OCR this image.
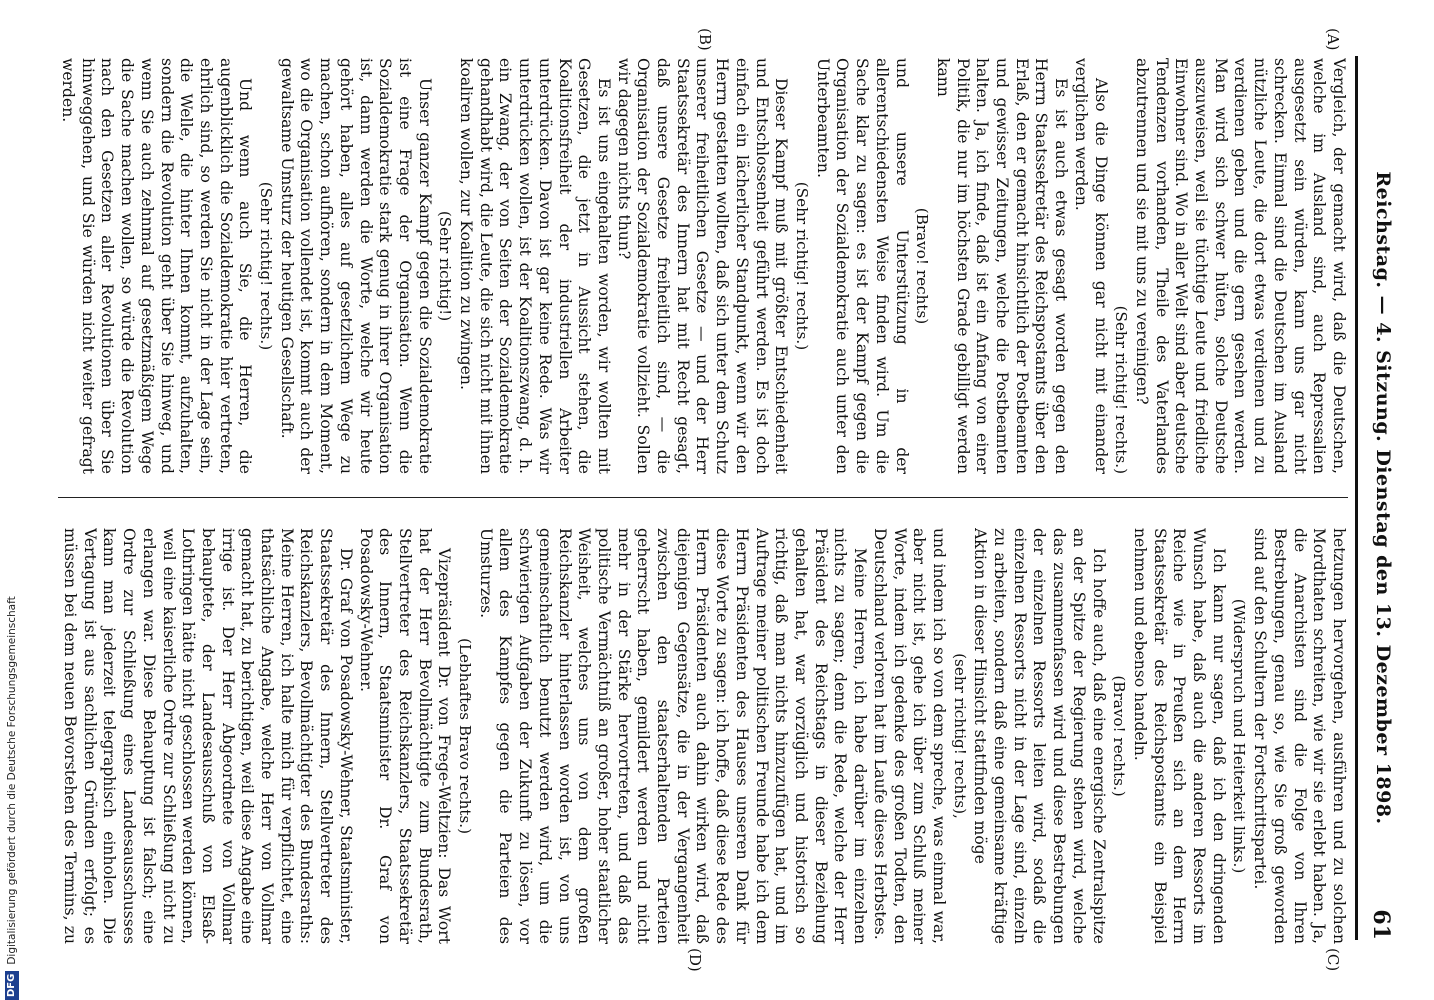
Reichstag. — 4. Sitzung. Dienstag den 13. Dezember 1898.
61
(A)
(B)
(C)
(D)

Vergleich, der gemacht wird, daß die Deutschen, welche im Ausland sind, auch Repressalien ausgesetzt sein würden, kann uns gar nicht schrecken. Einmal sind die Deutschen im Ausland nützliche Leute, die dort etwas verdienen und zu verdienen geben und die gern gesehen werden. Man wird sich schwer hüten, solche Deutsche auszuweisen, weil sie tüchtige Leute und friedliche Einwohner sind. Wo in aller Welt sind aber deutsche Tendenzen vorhanden, Theile des Vaterlandes abzutrennen und sie mit uns zu vereinigen?

(Sehr richtig! rechts.)

Also die Dinge können gar nicht mit einander verglichen werden.

Es ist auch etwas gesagt worden gegen den Herrn Staatssekretär des Reichspostamts über den Erlaß, den er gemacht hinsichtlich der Postbeamten und gewisser Zeitungen, welche die Postbeamten halten. Ja, ich finde, daß ist ein Anfang von einer Politik, die nur im höchsten Grade gebilligt werden kann

(Bravo! rechts)

und unsere Unterstützung in der allerentschiedensten Weise finden wird. Um die Sache klar zu sagen: es ist der Kampf gegen die Organisation der Sozialdemokratie auch unter den Unterbeamten.

(Sehr richtig! rechts.)

Dieser Kampf muß mit größter Entschiedenheit und Entschlossenheit geführt werden. Es ist doch einfach ein lächerlicher Standpunkt, wenn wir den Herrn gestatten wollten, daß sich unter dem Schutz unserer freiheitlichen Gesetze — und der Herr Staatssekretär des Innern hat mit Recht gesagt, daß unsere Gesetze freiheitlich sind, — die Organisation der Sozialdemokratie vollzieht. Sollen wir dagegen nichts thun?

Es ist uns eingehalten worden, wir wollten mit Gesetzen, die jetzt in Aussicht stehen, die Koalitionsfreiheit der industriellen Arbeiter unterdrücken. Davon ist gar keine Rede. Was wir unterdrücken wollen, ist der Koalitionszwang, d. h. ein Zwang, der von Seiten der Sozialdemokratie gehandhabt wird, die Leute, die sich nicht mit ihnen koaliren wollen, zur Koalition zu zwingen.

(Sehr richtig!)

Unser ganzer Kampf gegen die Sozialdemokratie ist eine Frage der Organisation. Wenn die Sozialdemokratie stark genug in ihrer Organisation ist, dann werden die Worte, welche wir heute gehört haben, alles auf gesetzlichem Wege zu machen, schon aufhören, sondern in dem Moment, wo die Organisation vollendet ist, kommt auch der gewaltsame Umsturz der heutigen Gesellschaft.

(Sehr richtig! rechts.)

Und wenn auch Sie, die Herren, die augenblicklich die Sozialdemokratie hier vertreten, ehrlich sind, so werden Sie nicht in der Lage sein, die Welle, die hinter Ihnen kommt, aufzuhalten, sondern die Revolution geht über Sie hinweg, und wenn Sie auch zehnmal auf gesetzmäßigem Wege die Sache machen wollen, so würde die Revolution nach den Gesetzen aller Revolutionen über Sie hinweggehen, und Sie würden nicht weiter gefragt werden.

hetzungen hervorgehen, ausführen und zu solchen Mordthaten schreiten, wie wir sie erlebt haben. Ja, die Anarchisten sind die Folge von Ihren Bestrebungen, genau so, wie Sie groß geworden sind auf den Schultern der Fortschrittspartei.

(Widerspruch und Heiterkeit links.)

Ich kann nur sagen, daß ich den dringenden Wunsch habe, daß auch die anderen Ressorts im Reiche wie in Preußen sich an dem Herrn Staatssekretär des Reichspostamts ein Beispiel nehmen und ebenso handeln.

(Bravo! rechts.)

Ich hoffe auch, daß eine energische Zentralspitze an der Spitze der Regierung stehen wird, welche das zusammenfassen wird und diese Bestrebungen der einzelnen Ressorts leiten wird, sodaß die einzelnen Ressorts nicht in der Lage sind, einzeln zu arbeiten, sondern daß eine gemeinsame kräftige Aktion in dieser Hinsicht stattfinden möge

(sehr richtig! rechts),

und indem ich so von dem spreche, was einmal war, aber nicht ist, gehe ich über zum Schluß meiner Worte, indem ich gedenke des großen Todten, den Deutschland verloren hat im Laufe dieses Herbstes.

Meine Herren, ich habe darüber im einzelnen nichts zu sagen; denn die Rede, welche der Herr Präsident des Reichstags in dieser Beziehung gehalten hat, war vorzüglich und historisch so richtig, daß man nichts hinzuzufügen hat, und im Auftrage meiner politischen Freunde habe ich dem Herrn Präsidenten des Hauses unseren Dank für diese Worte zu sagen: ich hoffe, daß diese Rede des Herrn Präsidenten auch dahin wirken wird, daß diejenigen Gegensätze, die in der Vergangenheit zwischen den staatserhaltenden Parteien geherrscht haben, gemildert werden und nicht mehr in der Stärke hervortreten, und daß das politische Vermächtniß an großer, hoher staatlicher Weisheit, welches uns von dem großen Reichskanzler hinterlassen worden ist, von uns gemeinschaftlich benutzt werden wird, um die schwierigen Aufgaben der Zukunft zu lösen, vor allem des Kampfes gegen die Parteien des Umsturzes.

(Lebhaftes Bravo rechts.)

Vizepräsident Dr. von Frege-Weltzien: Das Wort hat der Herr Bevollmächtigte zum Bundesrath, Stellvertreter des Reichskanzlers, Staatssekretär des Innern, Staatsminister Dr. Graf von Posadowsky-Wehner.

Dr. Graf von Posadowsky-Wehner, Staatsminister, Staatssekretär des Innern, Stellvertreter des Reichskanzlers, Bevollmächtigter des Bundesraths: Meine Herren, ich halte mich für verpflichtet, eine thatsächliche Angabe, welche Herr von Vollmar gemacht hat, zu berichtigen, weil diese Angabe eine irrige ist. Der Herr Abgeordnete von Vollmar behauptete, der Landesausschuß von Elsaß-Lothringen hätte nicht geschlossen werden können, weil eine kaiserliche Ordre zur Schließung nicht zu erlangen war. Diese Behauptung ist falsch; eine Ordre zur Schließung eines Landesausschusses kann man jederzeit telegraphisch einholen. Die Vertagung ist aus sachlichen Gründen erfolgt; es müssen bei dem neuen Bevorstehen des Termins, zu

DFG
Digitalisierung gefördert durch die Deutsche Forschungsgemeinschaft
